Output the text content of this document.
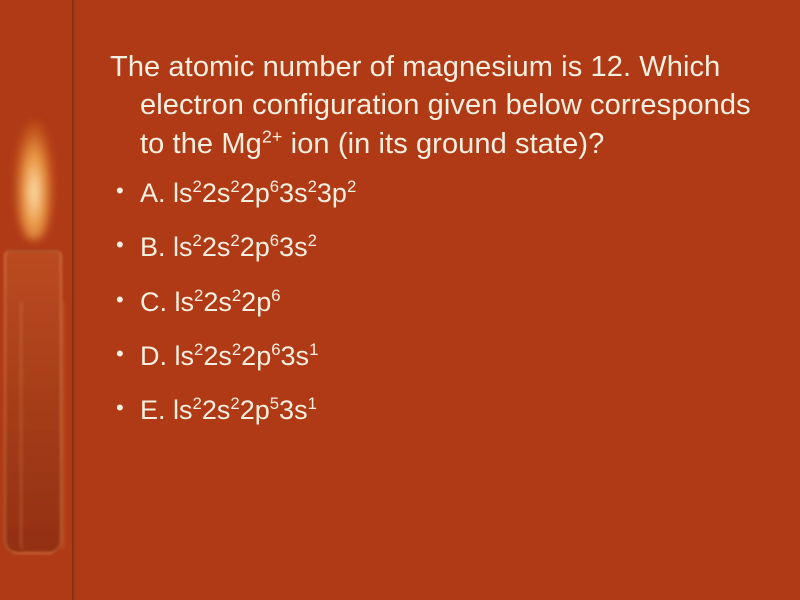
The atomic number of magnesium is 12. Which electron configuration given below corresponds to the $Mg^{2+}$ ion (in its ground state)?

• A. $ls^22s^22p^63s^23p^2$
• B. $ls^22s^22p^63s^2$
• C. $ls^22s^22p^6$
• D. $ls^22s^22p^63s^1$
• E. $ls^22s^22p^53s^1$
